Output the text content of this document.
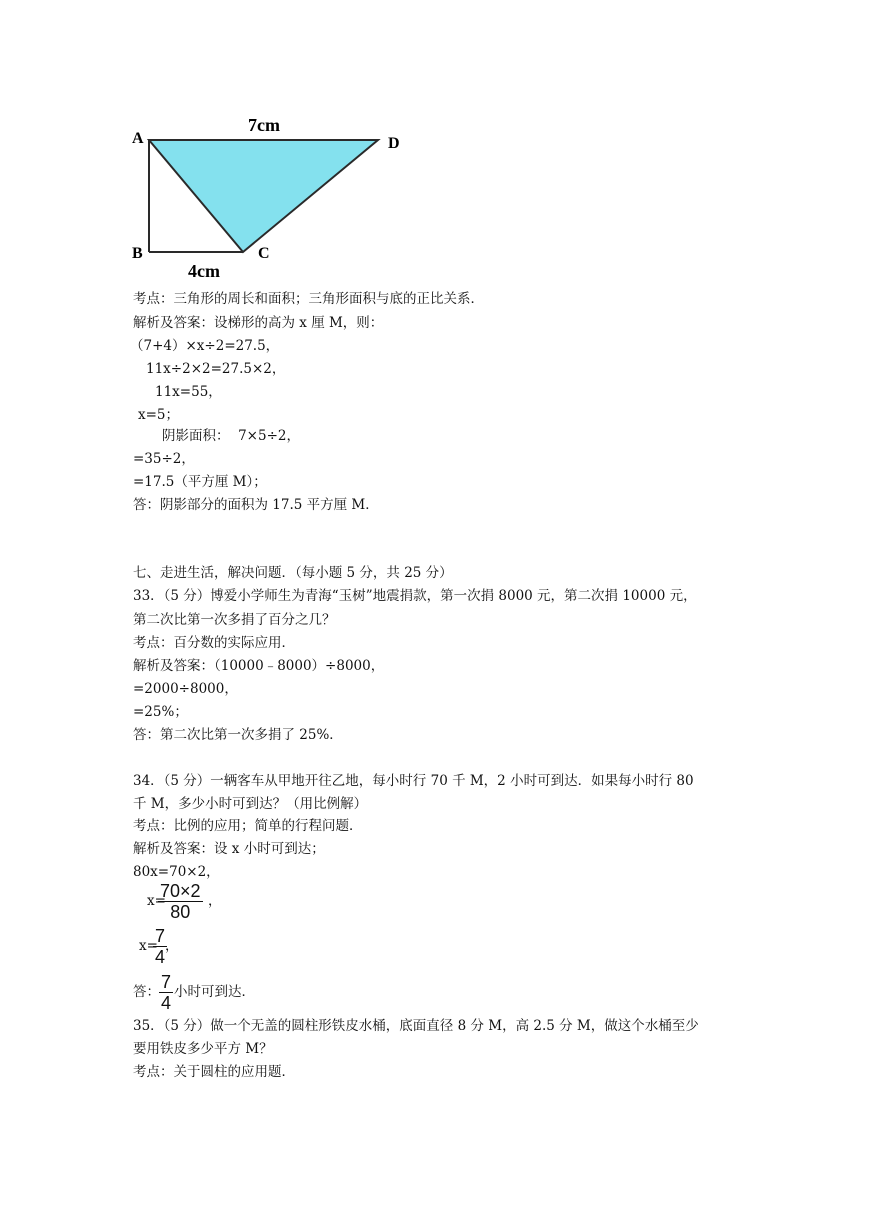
A
B	C
D
7cm
4cm
考点：三角形的周长和面积；三角形面积与底的正比关系．
解析及答案：设梯形的高为 x 厘 M，则：
（7+4）×x÷2=27.5，
11x÷2×2=27.5×2，
11x=55，
x=5；
阴影面积：  7×5÷2，
=35÷2，
=17.5（平方厘 M）；
答：阴影部分的面积为 17.5 平方厘 M．
七、走进生活，解决问题．（每小题 5 分，共 25 分）
33．（5 分）博爱小学师生为青海“玉树”地震捐款，第一次捐 8000 元，第二次捐 10000 元，
第二次比第一次多捐了百分之几？
考点：百分数的实际应用．
解析及答案：（10000﹣8000）÷8000，
=2000÷8000，
=25%；
答：第二次比第一次多捐了 25%．
34．（5 分）一辆客车从甲地开往乙地，每小时行 70 千 M，2 小时可到达．如果每小时行 80
千 M，多少小时可到达？（用比例解）
考点：比例的应用；简单的行程问题．
解析及答案：设 x 小时可到达；
80x=70×2，
x=
$\frac{70\times 2}{80}$ ，
x=
$\frac{7}{4}$
，
答： $\frac{7}{4}$ 小时可到达．
35．（5 分）做一个无盖的圆柱形铁皮水桶，底面直径 8 分 M，高 2.5 分 M，做这个水桶至少
要用铁皮多少平方 M？
考点：关于圆柱的应用题．
